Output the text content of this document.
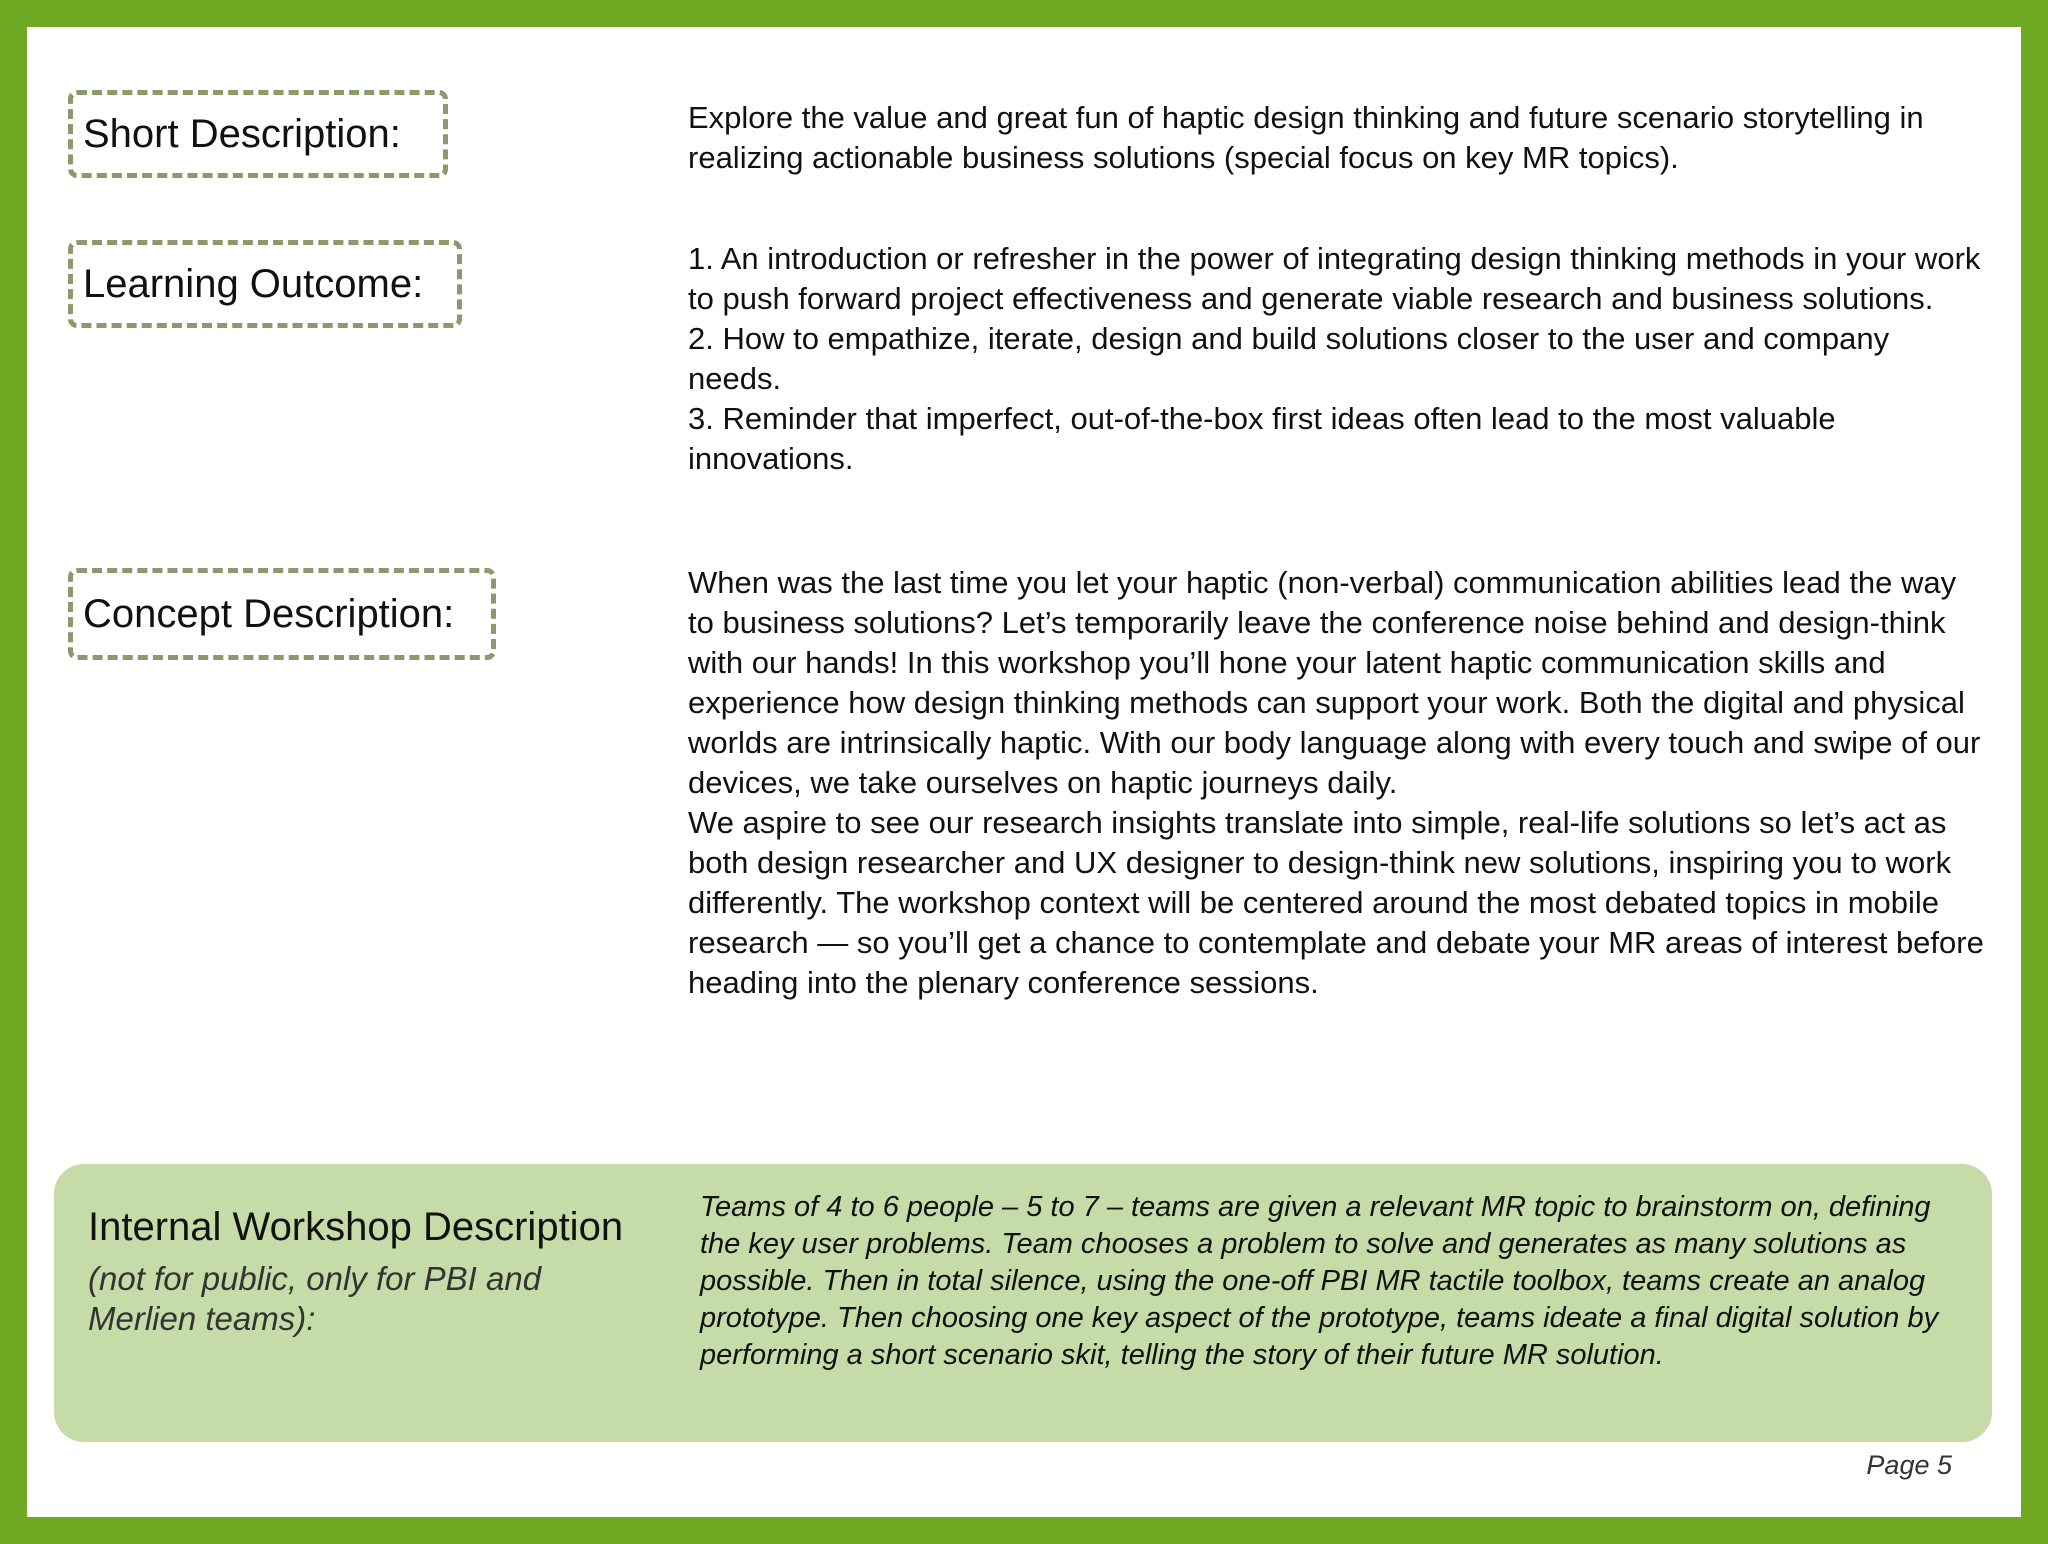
Short Description:
Learning Outcome:
Concept Description:

Explore the value and great fun of haptic design thinking and future scenario storytelling in realizing actionable business solutions (special focus on key MR topics).

1. An introduction or refresher in the power of integrating design thinking methods in your work to push forward project effectiveness and generate viable research and business solutions.

2. How to empathize, iterate, design and build solutions closer to the user and company needs.

3. Reminder that imperfect, out-of-the-box first ideas often lead to the most valuable innovations.

When was the last time you let your haptic (non-verbal) communication abilities lead the way to business solutions? Let’s temporarily leave the conference noise behind and design-think with our hands! In this workshop you’ll hone your latent haptic communication skills and experience how design thinking methods can support your work. Both the digital and physical worlds are intrinsically haptic. With our body language along with every touch and swipe of our devices, we take ourselves on haptic journeys daily.

We aspire to see our research insights translate into simple, real-life solutions so let’s act as both design researcher and UX designer to design-think new solutions, inspiring you to work differently. The workshop context will be centered around the most debated topics in mobile research — so you’ll get a chance to contemplate and debate your MR areas of interest before heading into the plenary conference sessions.

Internal Workshop Description
(not for public, only for PBI and Merlien teams):
Teams of 4 to 6 people – 5 to 7 – teams are given a relevant MR topic to brainstorm on, defining the key user problems. Team chooses a problem to solve and generates as many solutions as possible. Then in total silence, using the one-off PBI MR tactile toolbox, teams create an analog prototype. Then choosing one key aspect of the prototype, teams ideate a final digital solution by performing a short scenario skit, telling the story of their future MR solution.
Page 5
